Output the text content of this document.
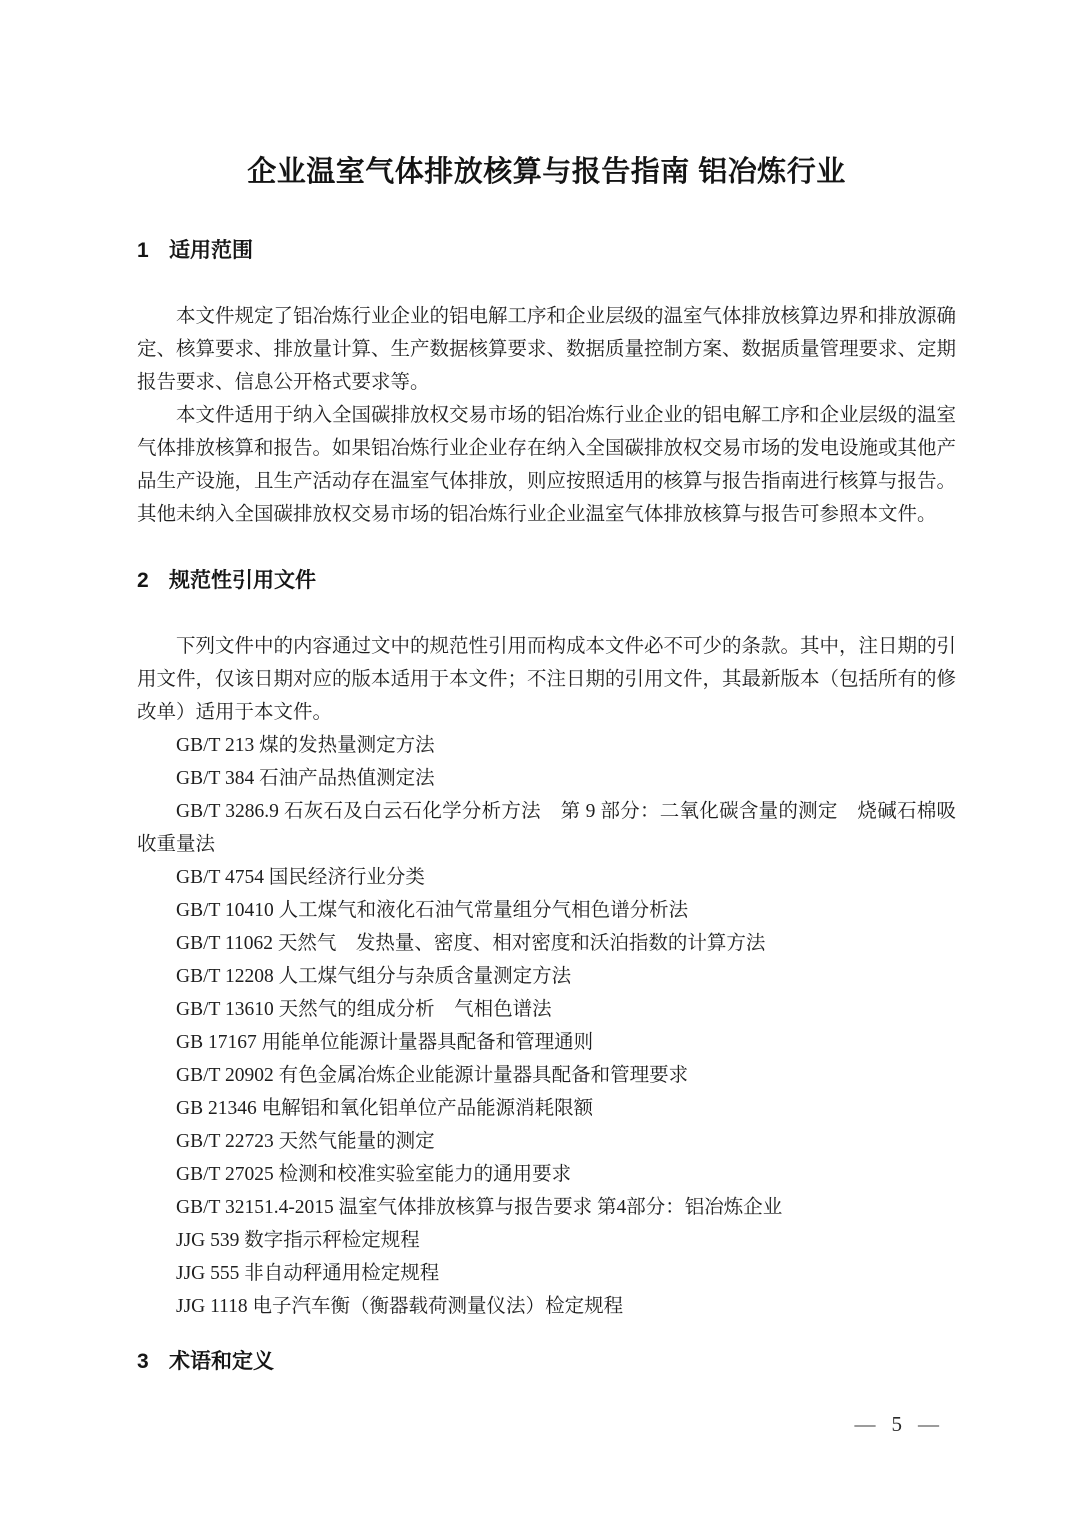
企业温室气体排放核算与报告指南 铝冶炼行业
1 适用范围

本文件规定了铝冶炼行业企业的铝电解工序和企业层级的温室气体排放核算边界和排放源确定、核算要求、排放量计算、生产数据核算要求、数据质量控制方案、数据质量管理要求、定期报告要求、信息公开格式要求等。

本文件适用于纳入全国碳排放权交易市场的铝冶炼行业企业的铝电解工序和企业层级的温室气体排放核算和报告。如果铝冶炼行业企业存在纳入全国碳排放权交易市场的发电设施或其他产品生产设施，且生产活动存在温室气体排放，则应按照适用的核算与报告指南进行核算与报告。其他未纳入全国碳排放权交易市场的铝冶炼行业企业温室气体排放核算与报告可参照本文件。

2 规范性引用文件

下列文件中的内容通过文中的规范性引用而构成本文件必不可少的条款。其中，注日期的引用文件，仅该日期对应的版本适用于本文件；不注日期的引用文件，其最新版本（包括所有的修改单）适用于本文件。

GB/T 213 煤的发热量测定方法

GB/T 384 石油产品热值测定法

GB/T 3286.9 石灰石及白云石化学分析方法　第 9 部分：二氧化碳含量的测定　烧碱石棉吸收重量法

GB/T 4754 国民经济行业分类

GB/T 10410 人工煤气和液化石油气常量组分气相色谱分析法

GB/T 11062 天然气　发热量、密度、相对密度和沃泊指数的计算方法

GB/T 12208 人工煤气组分与杂质含量测定方法

GB/T 13610 天然气的组成分析　气相色谱法

GB 17167 用能单位能源计量器具配备和管理通则

GB/T 20902 有色金属冶炼企业能源计量器具配备和管理要求

GB 21346 电解铝和氧化铝单位产品能源消耗限额

GB/T 22723 天然气能量的测定

GB/T 27025 检测和校准实验室能力的通用要求

GB/T 32151.4-2015 温室气体排放核算与报告要求 第4部分：铝冶炼企业

JJG 539 数字指示秤检定规程

JJG 555 非自动秤通用检定规程

JJG 1118 电子汽车衡（衡器载荷测量仪法）检定规程

3 术语和定义
— 5 —
